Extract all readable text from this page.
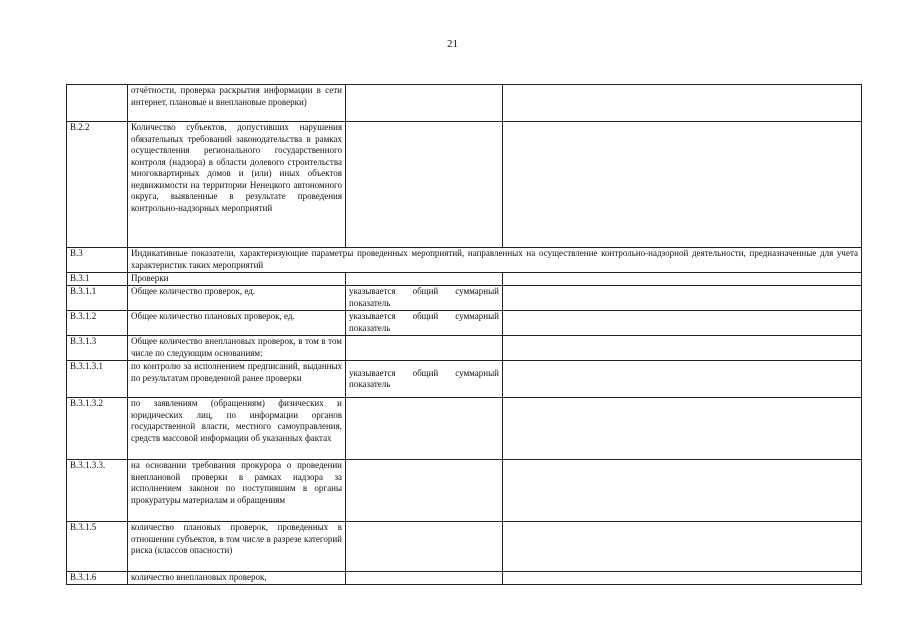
21
	отчётности, проверка раскрытия информации в сети интернет, плановые и внеплановые проверки)		
В.2.2	Количество субъектов, допустивших нарушения обязательных требований законодательства в рамках осуществления регионального государственного контроля (надзора) в области долевого строительства многоквартирных домов и (или) иных объектов недвижимости на территории Ненецкого автономного округа, выявленные в результате проведения контрольно-надзорных мероприятий		
В.3	Индикативные показатели, характеризующие параметры проведенных мероприятий, направленных на осуществление контрольно-надзорной деятельности, предназначенные для учета характеристик таких мероприятий		
В.3.1	Проверки		
В.3.1.1	Общее количество проверок, ед.	указывается общий суммарный показатель	
В.3.1.2	Общее количество плановых проверок, ед.	указывается общий суммарный показатель	
В.3.1.3	Общее количество внеплановых проверок, в том в том числе по следующим основаниям:		
В.3.1.3.1	по контролю за исполнением предписаний, выданных по результатам проведенной ранее проверки	указывается общий суммарный показатель	
В.3.1.3.2	по заявлениям (обращениям) физических и юридических лиц, по информации органов государственной власти, местного самоуправления, средств массовой информации об указанных фактах		
В.3.1.3.3.	на основании требования прокурора о проведении внеплановой проверки в рамках надзора за исполнением законов по поступившим в органы прокуратуры материалам и обращениям		
В.3.1.5	количество плановых проверок, проведенных в отношении субъектов, в том числе в разрезе категорий риска (классов опасности)		
В.3.1.6	количество внеплановых проверок,		
